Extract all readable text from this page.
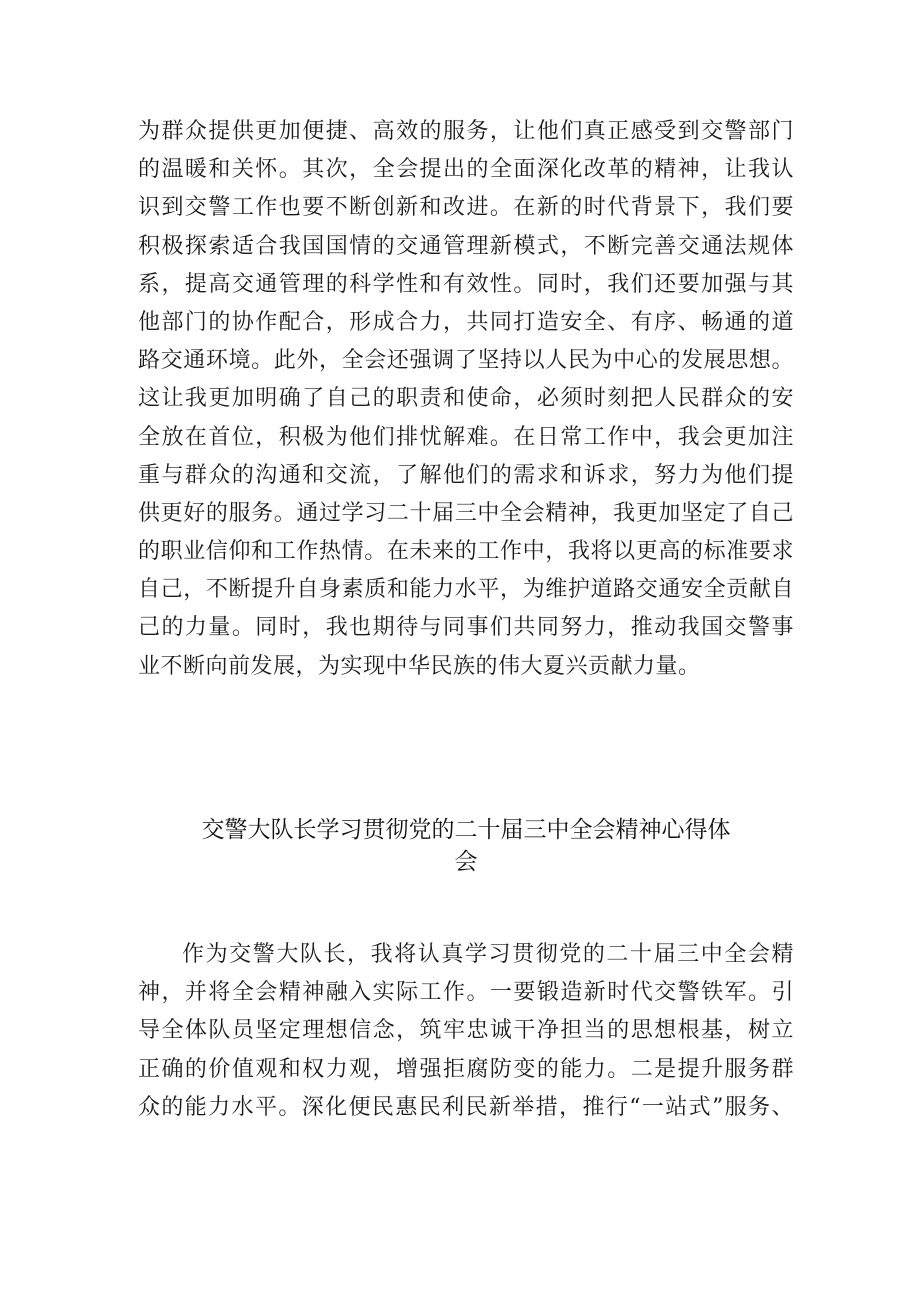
为群众提供更加便捷、高效的服务，让他们真正感受到交警部门
的温暖和关怀。其次，全会提出的全面深化改革的精神，让我认
识到交警工作也要不断创新和改进。在新的时代背景下，我们要
积极探索适合我国国情的交通管理新模式，不断完善交通法规体
系，提高交通管理的科学性和有效性。同时，我们还要加强与其
他部门的协作配合，形成合力，共同打造安全、有序、畅通的道
路交通环境。此外，全会还强调了坚持以人民为中心的发展思想。
这让我更加明确了自己的职责和使命，必须时刻把人民群众的安
全放在首位，积极为他们排忧解难。在日常工作中，我会更加注
重与群众的沟通和交流，了解他们的需求和诉求，努力为他们提
供更好的服务。通过学习二十届三中全会精神，我更加坚定了自己
的职业信仰和工作热情。在未来的工作中，我将以更高的标准要求
自己，不断提升自身素质和能力水平，为维护道路交通安全贡献自
己的力量。同时，我也期待与同事们共同努力，推动我国交警事
业不断向前发展，为实现中华民族的伟大夏兴贡献力量。
交警大队长学习贯彻党的二十届三中全会精神心得体
会
作为交警大队长，我将认真学习贯彻党的二十届三中全会精
神，并将全会精神融入实际工作。一要锻造新时代交警铁军。引
导全体队员坚定理想信念，筑牢忠诚干净担当的思想根基，树立
正确的价值观和权力观，增强拒腐防变的能力。二是提升服务群
众的能力水平。深化便民惠民利民新举措，推行“一站式”服务、
